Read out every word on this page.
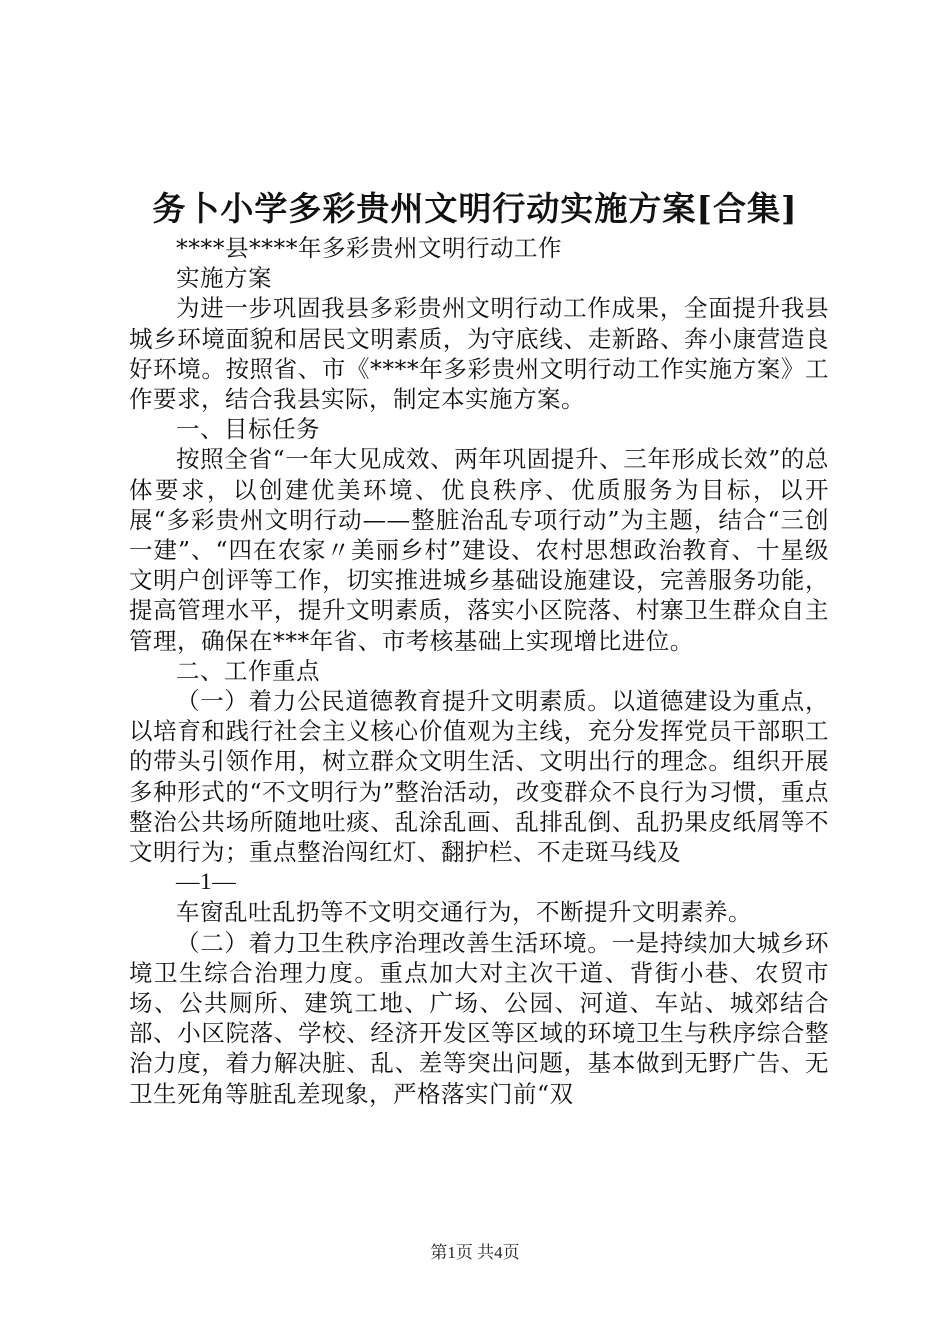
务卜小学多彩贵州文明行动实施方案[合集]

****县****年多彩贵州文明行动工作

实施方案

为进一步巩固我县多彩贵州文明行动工作成果，全面提升我县城乡环境面貌和居民文明素质，为守底线、走新路、奔小康营造良好环境。按照省、市《****年多彩贵州文明行动工作实施方案》工作要求，结合我县实际，制定本实施方案。

一、目标任务

按照全省“一年大见成效、两年巩固提升、三年形成长效”的总体要求，以创建优美环境、优良秩序、优质服务为目标，以开展“多彩贵州文明行动——整脏治乱专项行动”为主题，结合“三创一建”、“四在农家〃美丽乡村”建设、农村思想政治教育、十星级文明户创评等工作，切实推进城乡基础设施建设，完善服务功能，提高管理水平，提升文明素质，落实小区院落、村寨卫生群众自主管理，确保在***年省、市考核基础上实现增比进位。

二、工作重点

（一）着力公民道德教育提升文明素质。以道德建设为重点，以培育和践行社会主义核心价值观为主线，充分发挥党员干部职工的带头引领作用，树立群众文明生活、文明出行的理念。组织开展多种形式的“不文明行为”整治活动，改变群众不良行为习惯，重点整治公共场所随地吐痰、乱涂乱画、乱排乱倒、乱扔果皮纸屑等不文明行为；重点整治闯红灯、翻护栏、不走斑马线及

—1—

车窗乱吐乱扔等不文明交通行为，不断提升文明素养。

（二）着力卫生秩序治理改善生活环境。一是持续加大城乡环境卫生综合治理力度。重点加大对主次干道、背街小巷、农贸市场、公共厕所、建筑工地、广场、公园、河道、车站、城郊结合部、小区院落、学校、经济开发区等区域的环境卫生与秩序综合整治力度，着力解决脏、乱、差等突出问题，基本做到无野广告、无卫生死角等脏乱差现象，严格落实门前“双

第1页 共4页
